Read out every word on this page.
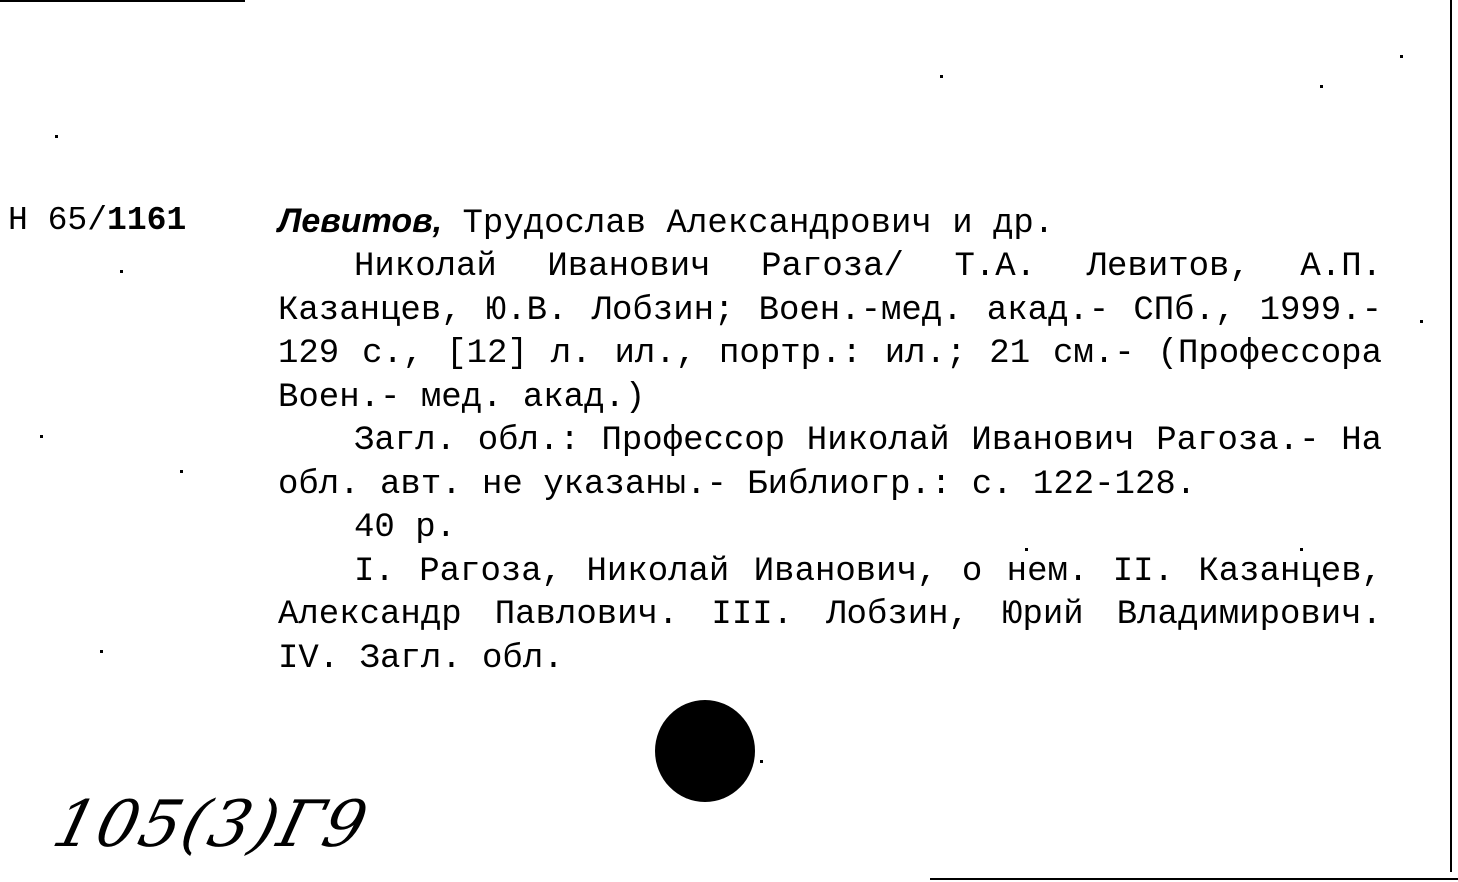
Н 65/1161	Левитов, Трудослав Александрович и др.

Николай Иванович Рагоза/ Т.А. Левитов, А.П. Казанцев, Ю.В. Лобзин; Воен.-мед. акад.- СПб., 1999.- 129 с., [12] л. ил., портр.: ил.; 21 см.- (Профессора Воен.- мед. акад.)

Загл. обл.: Профессор Николай Иванович Рагоза.- На обл. авт. не указаны.- Библиогр.: с. 122-128.

40 р.

I. Рагоза, Николай Иванович, о нем. II. Казанцев, Александр Павлович. III. Лобзин, Юрий Владимирович. IV. Загл. обл.

105(3)Г9
